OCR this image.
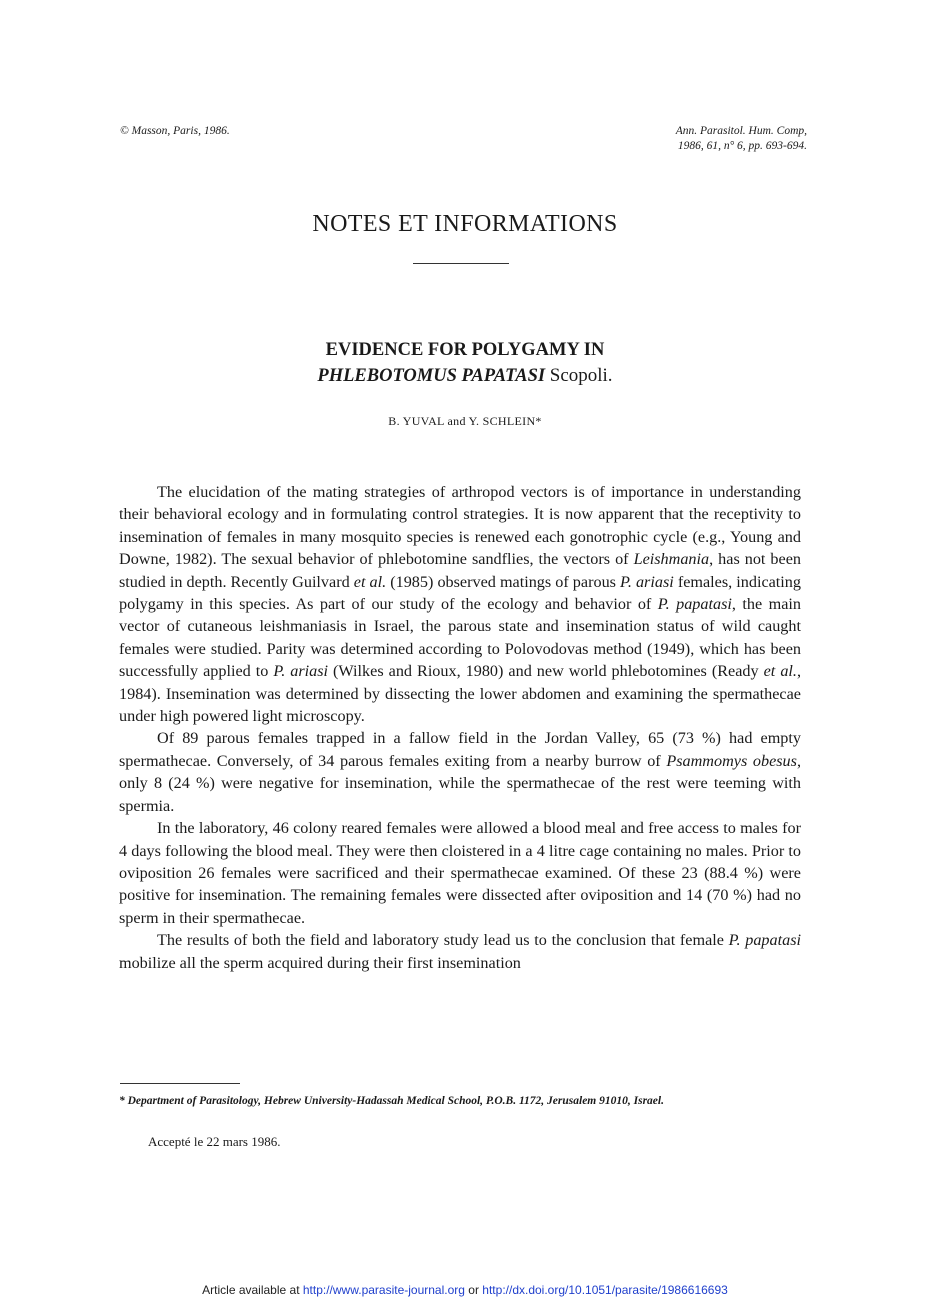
© Masson, Paris, 1986.	Ann. Parasitol. Hum. Comp,
1986, 61, n° 6, pp. 693-694.
NOTES ET INFORMATIONS
EVIDENCE FOR POLYGAMY IN
PHLEBOTOMUS PAPATASI Scopoli.
B. YUVAL and Y. SCHLEIN*

The elucidation of the mating strategies of arthropod vectors is of importance in understanding their behavioral ecology and in formulating control strategies. It is now apparent that the receptivity to insemination of females in many mosquito species is renewed each gonotrophic cycle (e.g., Young and Downe, 1982). The sexual behavior of phlebotomine sandflies, the vectors of Leishmania, has not been studied in depth. Recently Guilvard et al. (1985) observed matings of parous P. ariasi females, indicating polygamy in this species. As part of our study of the ecology and behavior of P. papatasi, the main vector of cutaneous leishmaniasis in Israel, the parous state and insemination status of wild caught females were studied. Parity was determined according to Polovodovas method (1949), which has been successfully applied to P. ariasi (Wilkes and Rioux, 1980) and new world phlebotomines (Ready et al., 1984). Insemination was determined by dissecting the lower abdomen and examining the spermathecae under high powered light microscopy.

Of 89 parous females trapped in a fallow field in the Jordan Valley, 65 (73 %) had empty spermathecae. Conversely, of 34 parous females exiting from a nearby burrow of Psammomys obesus, only 8 (24 %) were negative for insemination, while the spermathecae of the rest were teeming with spermia.

In the laboratory, 46 colony reared females were allowed a blood meal and free access to males for 4 days following the blood meal. They were then cloistered in a 4 litre cage containing no males. Prior to oviposition 26 females were sacrificed and their spermathecae examined. Of these 23 (88.4 %) were positive for insemination. The remaining females were dissected after oviposition and 14 (70 %) had no sperm in their spermathecae.

The results of both the field and laboratory study lead us to the conclusion that female P. papatasi mobilize all the sperm acquired during their first insemination

* Department of Parasitology, Hebrew University-Hadassah Medical School, P.O.B. 1172, Jerusalem 91010, Israel.
Accepté le 22 mars 1986.
Article available at http://www.parasite-journal.org or http://dx.doi.org/10.1051/parasite/1986616693
